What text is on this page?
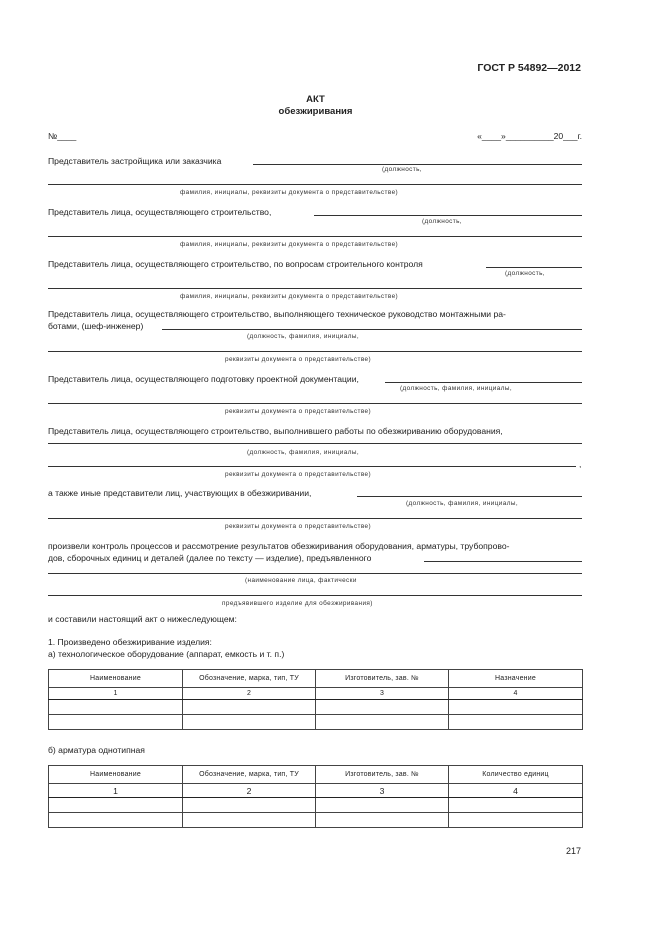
ГОСТ Р 54892—2012
АКТ
обезжиривания
№____	«____»__________20___г.
Представитель застройщика или заказчика
(должность,
фамилия, инициалы, реквизиты документа о представительстве)
Представитель лица, осуществляющего строительство,
(должность,
фамилия, инициалы, реквизиты документа о представительстве)
Представитель лица, осуществляющего строительство, по вопросам строительного контроля
(должность,
фамилия, инициалы, реквизиты документа о представительстве)
Представитель лица, осуществляющего строительство, выполняющего техническое руководство монтажными ра-
ботами, (шеф-инженер)
(должность, фамилия, инициалы,
реквизиты документа о представительстве)
Представитель лица, осуществляющего подготовку проектной документации,
(должность, фамилия, инициалы,
реквизиты документа о представительстве)
Представитель лица, осуществляющего строительство, выполнившего работы по обезжириванию оборудования,
(должность, фамилия, инициалы,
,
реквизиты документа о представительстве)
а также иные представители лиц, участвующих в обезжиривании,
(должность, фамилия, инициалы,
реквизиты документа о представительстве)
произвели контроль процессов и рассмотрение результатов обезжиривания оборудования, арматуры, трубопрово-
дов, сборочных единиц и деталей (далее по тексту — изделие), предъявленного
(наименование лица, фактически
предъявившего изделие для обезжиривания)
и составили настоящий акт о нижеследующем:
1. Произведено обезжиривание изделия:
а) технологическое оборудование (аппарат, емкость и т. п.)
Наименование	Обозначение, марка, тип, ТУ	Изготовитель, зав. №	Назначение
1	2	3	4

б) арматура однотипная
Наименование	Обозначение, марка, тип, ТУ	Изготовитель, зав. №	Количество единиц
1	2	3	4

217
